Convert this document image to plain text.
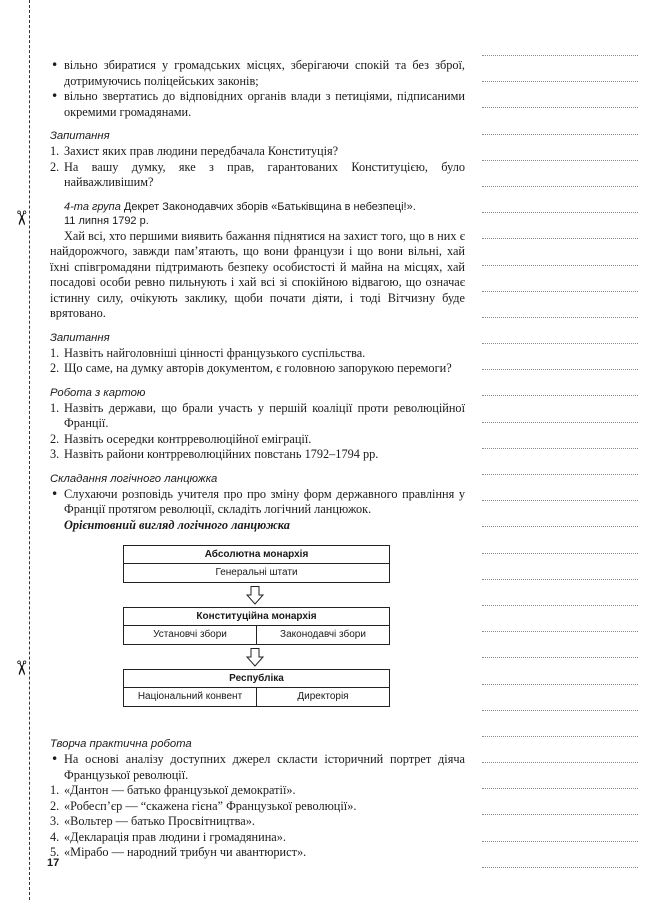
✂
✂
• вільно збиратися у громадських місцях, зберігаючи спокій та без зброї, дотримуючись поліцейських законів;
• вільно звертатись до відповідних органів влади з петиціями, підписаними окремими громадянами.
Запитання
1. Захист яких прав людини передбачала Конституція?
2. На вашу думку, яке з прав, гарантованих Конституцією, було найважливішим?
4-та група Декрет Законодавчих зборів «Батьківщина в небезпеці!».
11 липня 1792 р.

Хай всі, хто першими виявить бажання піднятися на захист того, що в них є найдорожчого, завжди пам’ятають, що вони французи і що вони вільні, хай їхні співгромадяни підтримають безпеку особистості й майна на місцях, хай посадові особи ревно пильнують і хай всі зі спокійною відвагою, що означає істинну силу, очікують заклику, щоби почати діяти, і тоді Вітчизну буде врятовано.

Запитання
1. Назвіть найголовніші цінності французького суспільства.
2. Що саме, на думку авторів документом, є головною запорукою перемоги?
Робота з картою
1. Назвіть держави, що брали участь у першій коаліції проти революційної Франції.
2. Назвіть осередки контрреволюційної еміграції.
3. Назвіть райони контрреволюційних повстань 1792–1794 рр.
Складання логічного ланцюжка
• Слухаючи розповідь учителя про про зміну форм державного правління у Франції протягом революції, складіть логічний ланцюжок.

Орієнтовний вигляд логічного ланцюжка

Абсолютна монархія
Генеральні штати
Конституційна монархія
Установчі збори	Законодавчі збори
Республіка
Національний конвент	Директорія
Творча практична робота
• На основі аналізу доступних джерел скласти історичний портрет діяча Французької революції.
1. «Дантон — батько французької демократії».
2. «Робесп’єр — “скажена гієна” Французької революції».
3. «Вольтер — батько Просвітництва».
4. «Декларація прав людини і громадянина».
5. «Мірабо — народний трибун чи авантюрист».
17
